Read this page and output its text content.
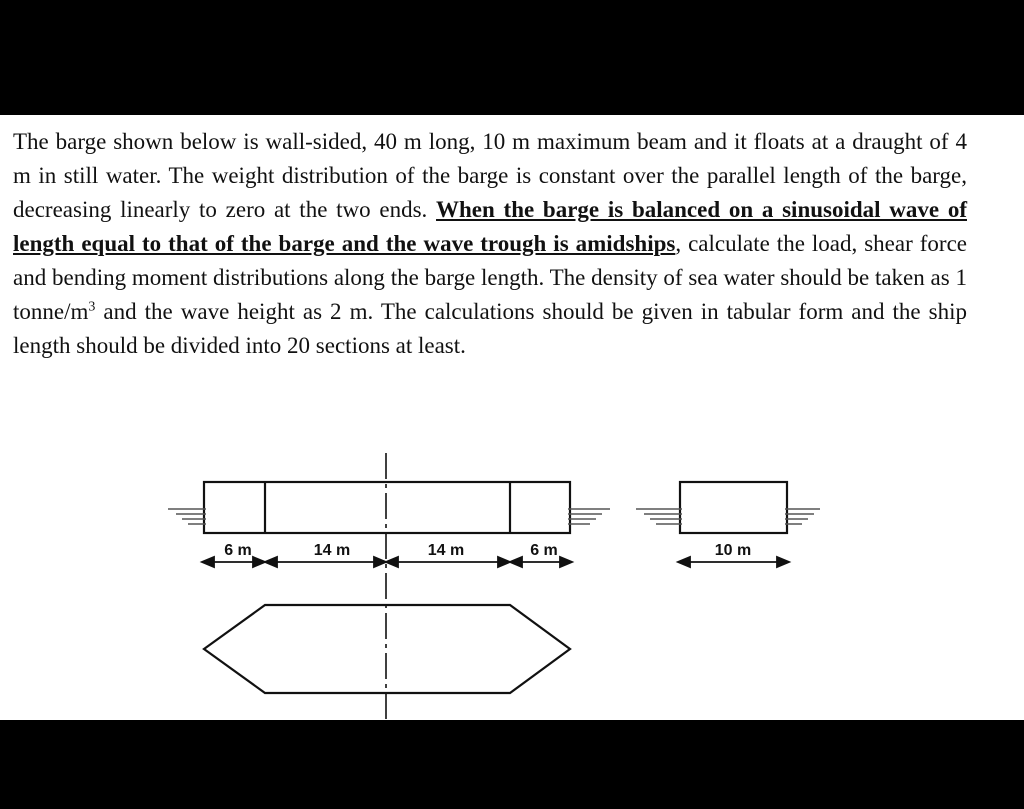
The barge shown below is wall-sided, 40 m long, 10 m maximum beam and it floats at a draught of 4 m in still water. The weight distribution of the barge is constant over the parallel length of the barge, decreasing linearly to zero at the two ends. When the barge is balanced on a sinusoidal wave of length equal to that of the barge and the wave trough is amidships, calculate the load, shear force and bending moment distributions along the barge length. The density of sea water should be taken as 1 tonne/$m^3$ and the wave height as 2 m. The calculations should be given in tabular form and the ship length should be divided into 20 sections at least.

6 m	14 m	14 m	6 m	10 m
